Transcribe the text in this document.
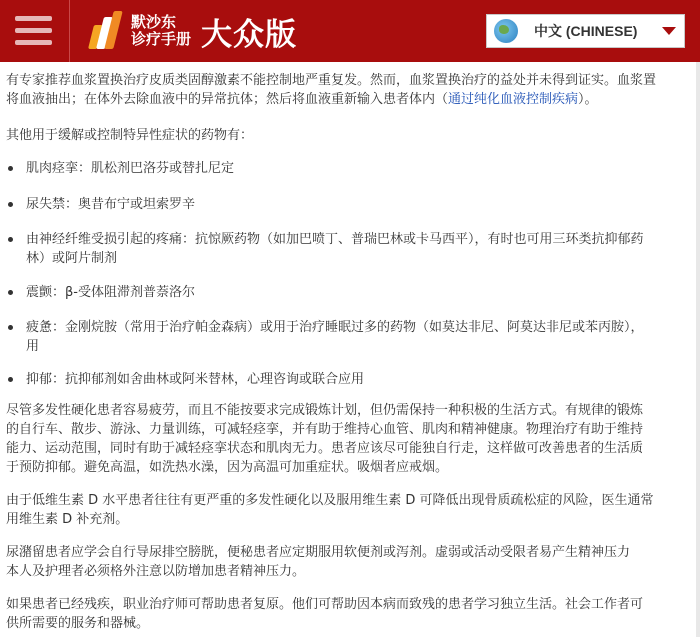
默沙东
诊疗手册 大众版	中文 (CHINESE)
有专家推荐血浆置换治疗皮质类固醇激素不能控制地严重复发。然而，血浆置换治疗的益处并未得到证实。血浆置
将血液抽出；在体外去除血液中的异常抗体；然后将血液重新输入患者体内（通过纯化血液控制疾病）。
其他用于缓解或控制特异性症状的药物有：
肌肉痉挛：肌松剂巴洛芬或替扎尼定
尿失禁：奥昔布宁或坦索罗辛
由神经纤维受损引起的疼痛：抗惊厥药物（如加巴喷丁、普瑞巴林或卡马西平），有时也可用三环类抗抑郁药
林）或阿片制剂
震颤：β-受体阻滞剂普萘洛尔
疲惫：金刚烷胺（常用于治疗帕金森病）或用于治疗睡眠过多的药物（如莫达非尼、阿莫达非尼或苯丙胺），
用
抑郁：抗抑郁剂如舍曲林或阿米替林，心理咨询或联合应用
尽管多发性硬化患者容易疲劳，而且不能按要求完成锻炼计划，但仍需保持一种积极的生活方式。有规律的锻炼
的自行车、散步、游泳、力量训练，可减轻痉挛，并有助于维持心血管、肌肉和精神健康。物理治疗有助于维持
能力、运动范围，同时有助于减轻痉挛状态和肌肉无力。患者应该尽可能独自行走，这样做可改善患者的生活质
于预防抑郁。避免高温，如洗热水澡，因为高温可加重症状。吸烟者应戒烟。
由于低维生素 D 水平患者往往有更严重的多发性硬化以及服用维生素 D 可降低出现骨质疏松症的风险，医生通常
用维生素 D 补充剂。
尿潴留患者应学会自行导尿排空膀胱，便秘患者应定期服用软便剂或泻剂。虚弱或活动受限者易产生精神压力
本人及护理者必须格外注意以防增加患者精神压力。
如果患者已经残疾，职业治疗师可帮助患者复原。他们可帮助因本病而致残的患者学习独立生活。社会工作者可
供所需要的服务和器械。
